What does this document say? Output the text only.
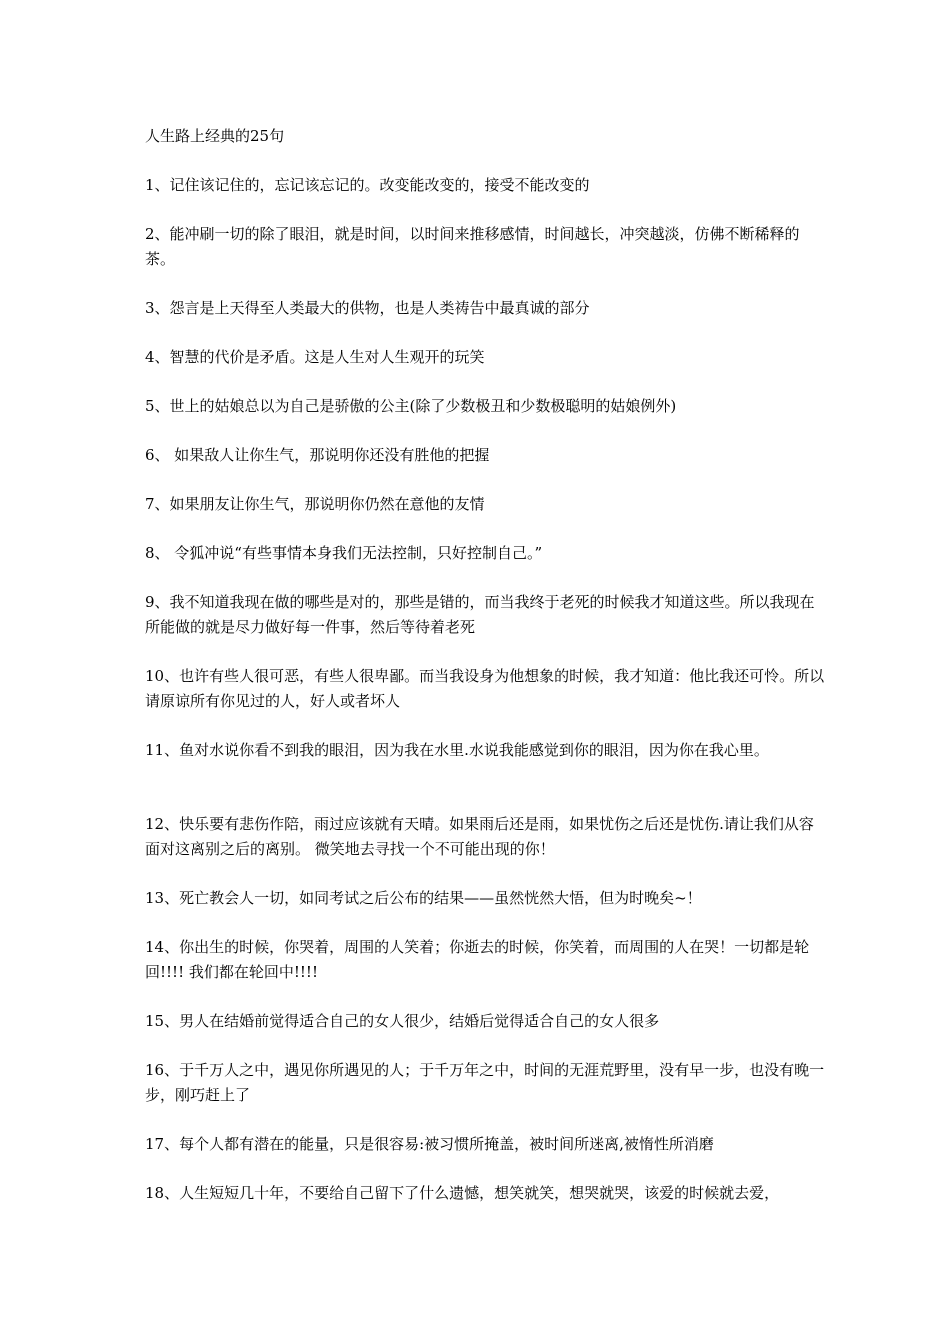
人生路上经典的25句

1、记住该记住的，忘记该忘记的。改变能改变的，接受不能改变的

2、能冲刷一切的除了眼泪，就是时间，以时间来推移感情，时间越长，冲突越淡，仿佛不断稀释的茶。

3、怨言是上天得至人类最大的供物，也是人类祷告中最真诚的部分

4、智慧的代价是矛盾。这是人生对人生观开的玩笑

5、世上的姑娘总以为自己是骄傲的公主(除了少数极丑和少数极聪明的姑娘例外)

6、 如果敌人让你生气，那说明你还没有胜他的把握

7、如果朋友让你生气，那说明你仍然在意他的友情

8、 令狐冲说“有些事情本身我们无法控制，只好控制自己。”

9、我不知道我现在做的哪些是对的，那些是错的，而当我终于老死的时候我才知道这些。所以我现在所能做的就是尽力做好每一件事，然后等待着老死

10、也许有些人很可恶，有些人很卑鄙。而当我设身为他想象的时候，我才知道：他比我还可怜。所以请原谅所有你见过的人，好人或者坏人

11、鱼对水说你看不到我的眼泪，因为我在水里.水说我能感觉到你的眼泪，因为你在我心里。

12、快乐要有悲伤作陪，雨过应该就有天晴。如果雨后还是雨，如果忧伤之后还是忧伤.请让我们从容面对这离别之后的离别。 微笑地去寻找一个不可能出现的你！

13、死亡教会人一切，如同考试之后公布的结果——虽然恍然大悟，但为时晚矣~！

14、你出生的时候，你哭着，周围的人笑着；你逝去的时候，你笑着，而周围的人在哭！一切都是轮回!!!! 我们都在轮回中!!!!

15、男人在结婚前觉得适合自己的女人很少，结婚后觉得适合自己的女人很多

16、于千万人之中，遇见你所遇见的人；于千万年之中，时间的无涯荒野里，没有早一步，也没有晚一步，刚巧赶上了

17、每个人都有潜在的能量，只是很容易:被习惯所掩盖，被时间所迷离,被惰性所消磨

18、人生短短几十年，不要给自己留下了什么遗憾，想笑就笑，想哭就哭，该爱的时候就去爱，
